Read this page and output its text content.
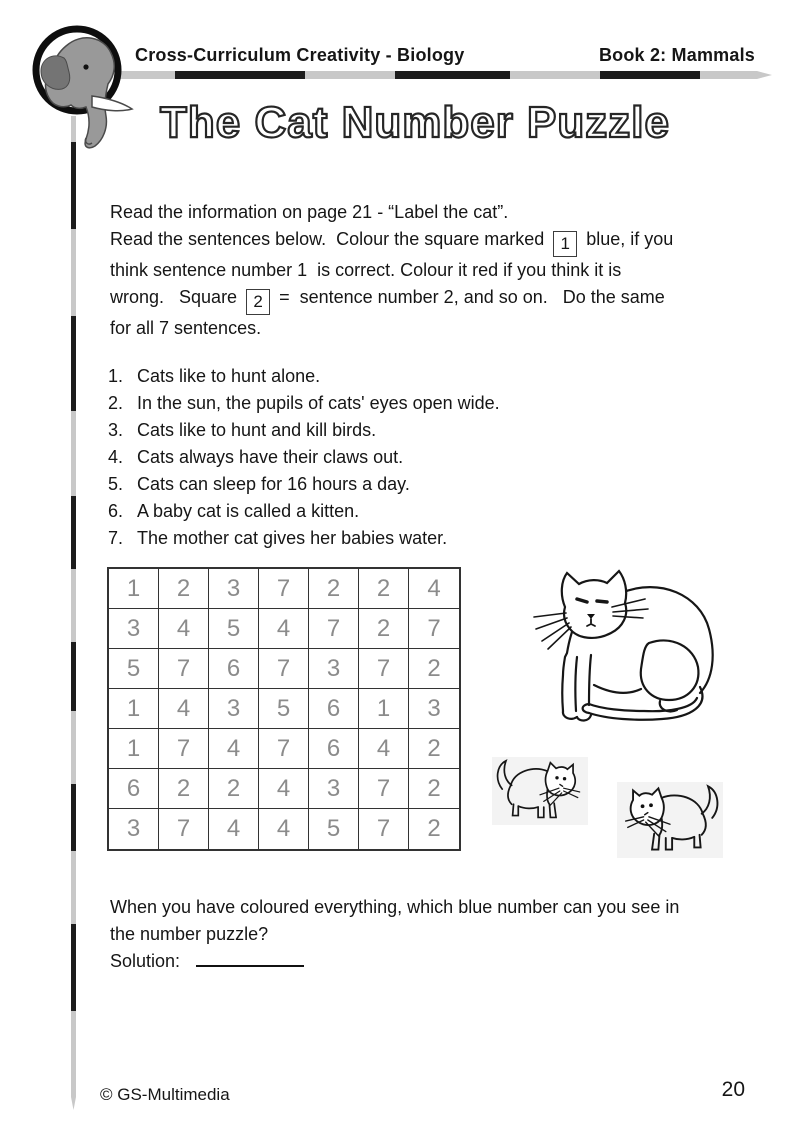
Cross-Curriculum Creativity - Biology	Book 2: Mammals
The Cat Number Puzzle
Read the information on page 21 - “Label the cat”.
Read the sentences below.  Colour the square marked 1 blue, if you
think sentence number 1  is correct. Colour it red if you think it is
wrong.   Square 2 =  sentence number 2, and so on.   Do the same
for all 7 sentences.
1. Cats like to hunt alone.
2. In the sun, the pupils of cats' eyes open wide.
3. Cats like to hunt and kill birds.
4. Cats always have their claws out.
5. Cats can sleep for 16 hours a day.
6. A baby cat is called a kitten.
7. The mother cat gives her babies water.
1	2	3	7	2	2	4
3	4	5	4	7	2	7
5	7	6	7	3	7	2
1	4	3	5	6	1	3
1	7	4	7	6	4	2
6	2	2	4	3	7	2
3	7	4	4	5	7	2
When you have coloured everything, which blue number can you see in
the number puzzle?
Solution:
© GS-Multimedia	20
